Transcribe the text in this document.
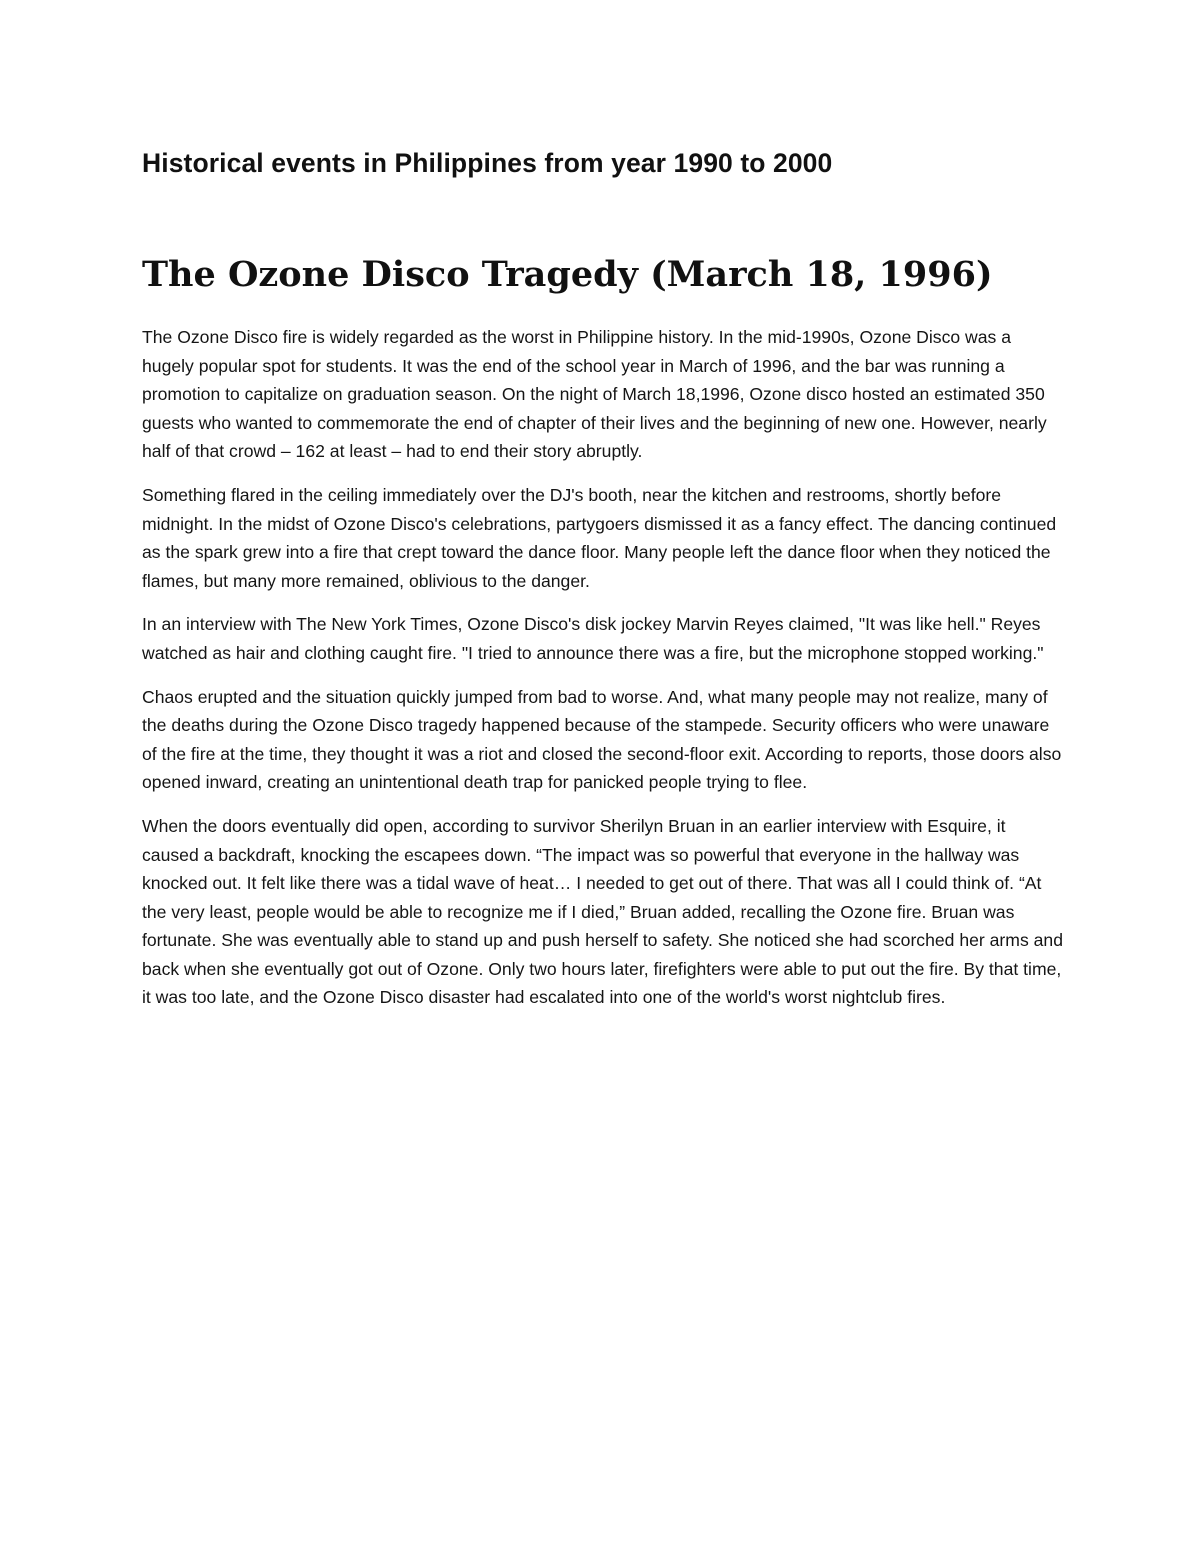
Historical events in Philippines from year 1990 to 2000
The Ozone Disco Tragedy (March 18, 1996)

The Ozone Disco fire is widely regarded as the worst in Philippine history. In the mid-1990s, Ozone Disco was a hugely popular spot for students. It was the end of the school year in March of 1996, and the bar was running a promotion to capitalize on graduation season. On the night of March 18,1996, Ozone disco hosted an estimated 350 guests who wanted to commemorate the end of chapter of their lives and the beginning of new one. However, nearly half of that crowd – 162 at least – had to end their story abruptly.

Something flared in the ceiling immediately over the DJ's booth, near the kitchen and restrooms, shortly before midnight. In the midst of Ozone Disco's celebrations, partygoers dismissed it as a fancy effect. The dancing continued as the spark grew into a fire that crept toward the dance floor. Many people left the dance floor when they noticed the flames, but many more remained, oblivious to the danger.

In an interview with The New York Times, Ozone Disco's disk jockey Marvin Reyes claimed, "It was like hell." Reyes watched as hair and clothing caught fire. "I tried to announce there was a fire, but the microphone stopped working."

Chaos erupted and the situation quickly jumped from bad to worse. And, what many people may not realize, many of the deaths during the Ozone Disco tragedy happened because of the stampede. Security officers who were unaware of the fire at the time, they thought it was a riot and closed the second-floor exit. According to reports, those doors also opened inward, creating an unintentional death trap for panicked people trying to flee.

When the doors eventually did open, according to survivor Sherilyn Bruan in an earlier interview with Esquire, it caused a backdraft, knocking the escapees down. “The impact was so powerful that everyone in the hallway was knocked out. It felt like there was a tidal wave of heat… I needed to get out of there. That was all I could think of. “At the very least, people would be able to recognize me if I died,” Bruan added, recalling the Ozone fire. Bruan was fortunate. She was eventually able to stand up and push herself to safety. She noticed she had scorched her arms and back when she eventually got out of Ozone. Only two hours later, firefighters were able to put out the fire. By that time, it was too late, and the Ozone Disco disaster had escalated into one of the world's worst nightclub fires.
